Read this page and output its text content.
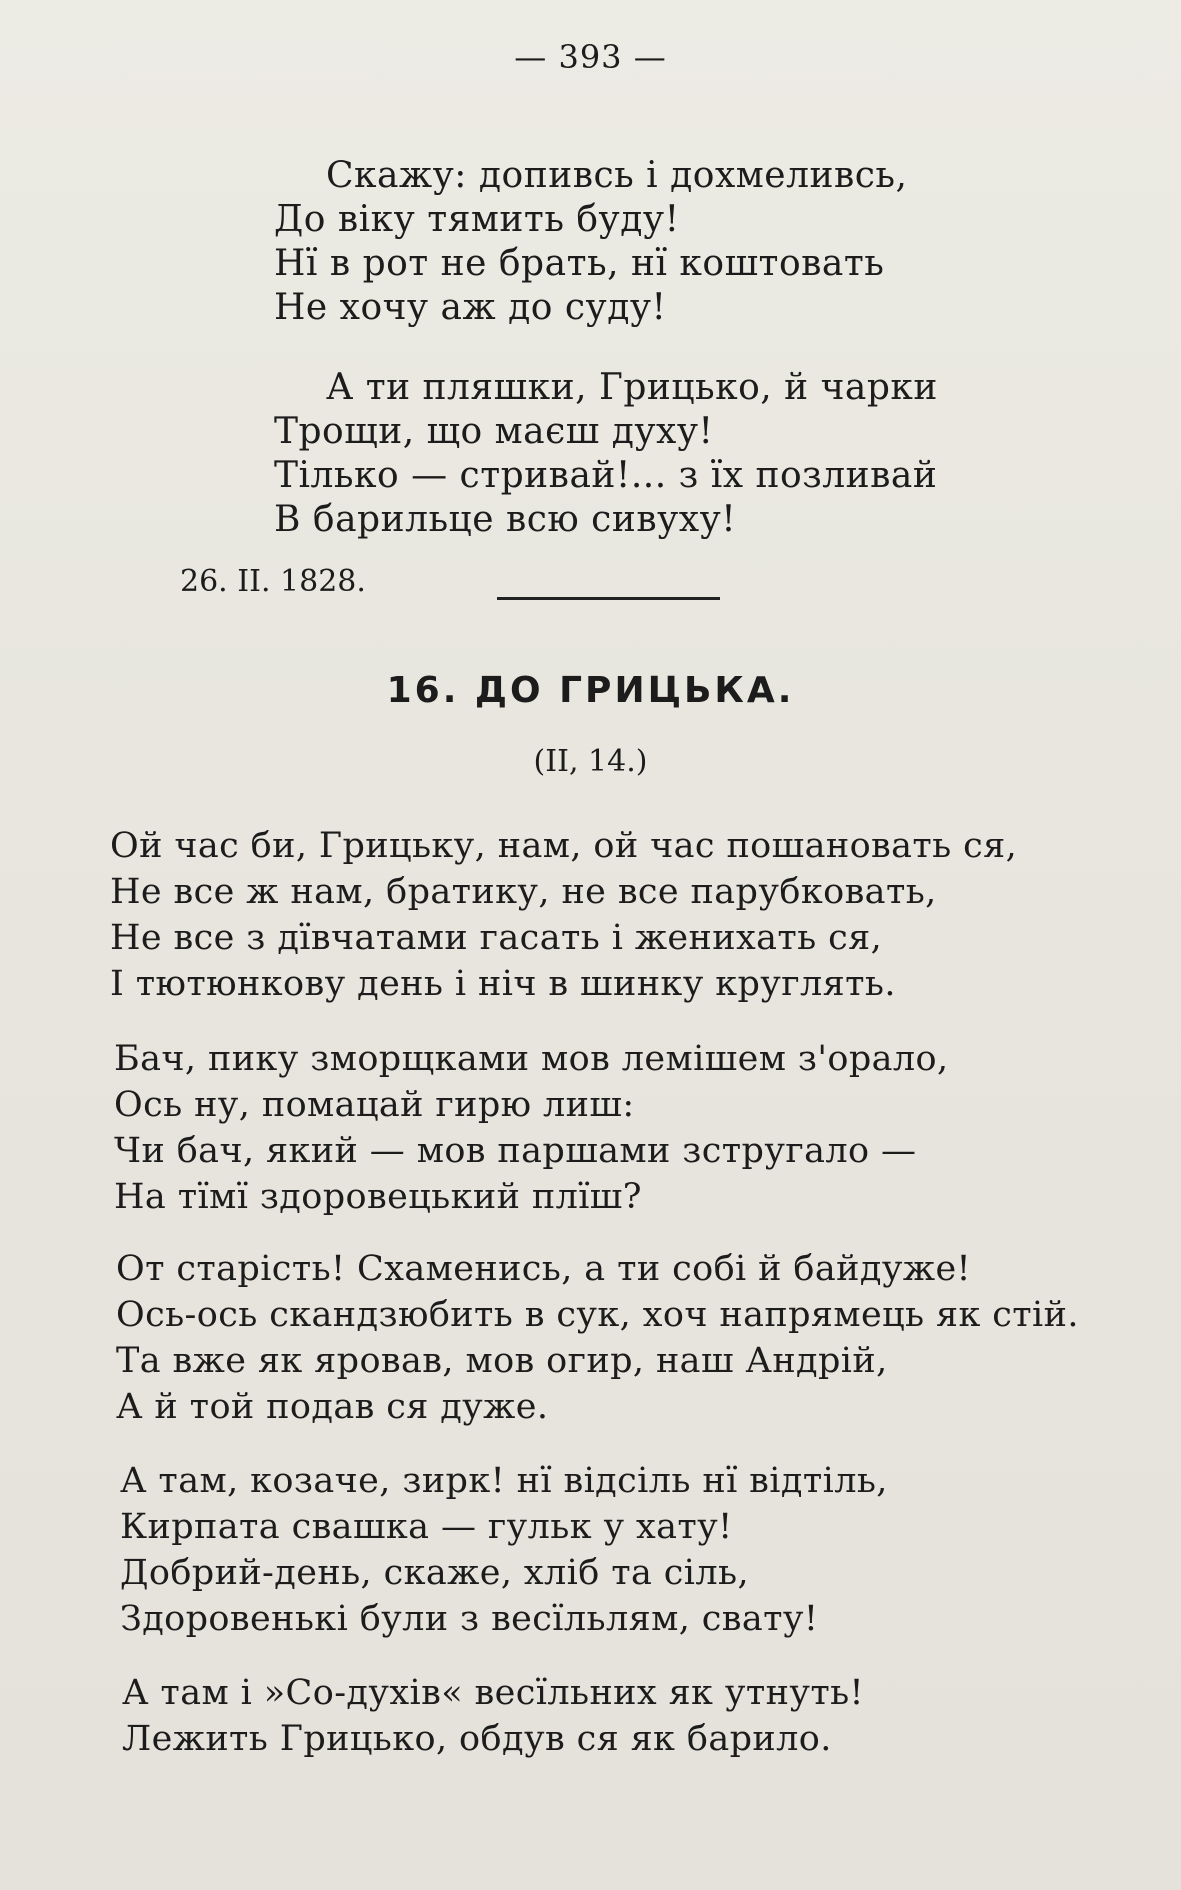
— 393 —
Скажу: допивсь і дохмеливсь,
До віку тямить буду!
Нї в рот не брать, нї коштовать
Не хочу аж до суду!
А ти пляшки, Грицько, й чарки
Трощи, що маєш духу!
Тілько — стривай!... з їх позливай
В барильце всю сивуху!
26. II. 1828.
16. ДО ГРИЦЬКА.
(II, 14.)
Ой час би, Грицьку, нам, ой час пошановать ся,
Не все ж нам, братику, не все парубковать,
Не все з дївчатами гасать і женихать ся,
І тютюнкову день і ніч в шинку круглять.
Бач, пику зморщками мов лемішем з'орало,
Ось ну, помацай гирю лиш:
Чи бач, який — мов паршами зстругало —
На тїмї здоровецький плїш?
От старість! Схаменись, а ти собі й байдуже!
Ось-ось скандзюбить в сук, хоч напрямець як стій.
Та вже як яровав, мов огир, наш Андрій,
А й той подав ся дуже.
А там, козаче, зирк! нї відсіль нї відтіль,
Кирпата свашка — гульк у хату!
Добрий-день, скаже, хліб та сіль,
Здоровенькі були з весїльлям, свату!
А там і »Со-духів« весїльних як утнуть!
Лежить Грицько, обдув ся як барило.
